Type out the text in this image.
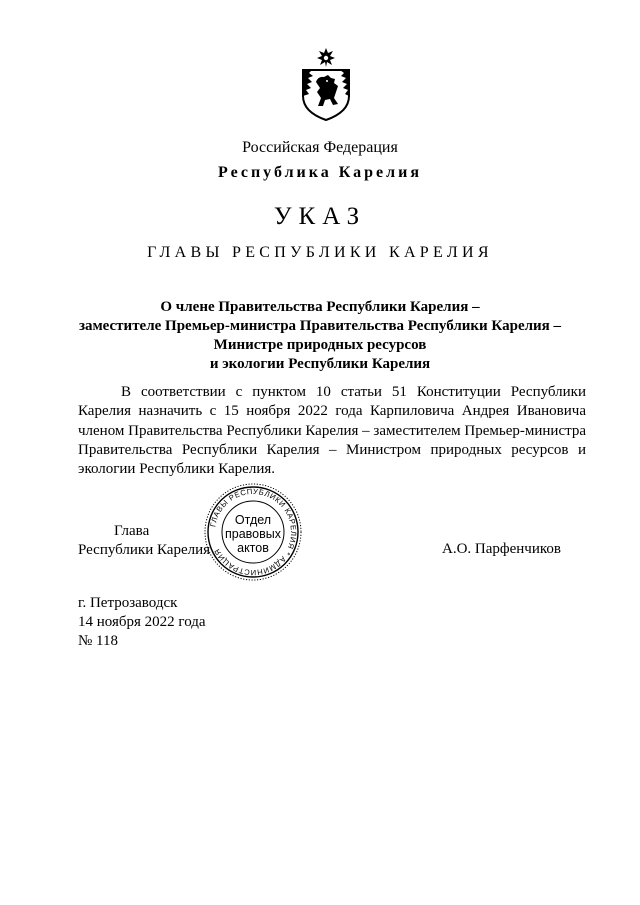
Российская Федерация
Республика Карелия
УКАЗ
ГЛАВЫ РЕСПУБЛИКИ КАРЕЛИЯ
О члене Правительства Республики Карелия –
заместителе Премьер-министра Правительства Республики Карелия –
Министре природных ресурсов
и экологии Республики Карелия

В соответствии с пунктом 10 статьи 51 Конституции Республики Карелия назначить с 15 ноября 2022 года Карпиловича Андрея Ивановича членом Правительства Республики Карелия – заместителем Премьер-министра Правительства Республики Карелия – Министром природных ресурсов и экологии Республики Карелия.

Глава
Республики Карелия
ГЛАВЫ РЕСПУБЛИКИ КАРЕЛИЯ * АДМИНИСТРАЦИЯ
Отдел
правовых
актов	А.О. Парфенчиков
г. Петрозаводск
14 ноября 2022 года
№ 118
